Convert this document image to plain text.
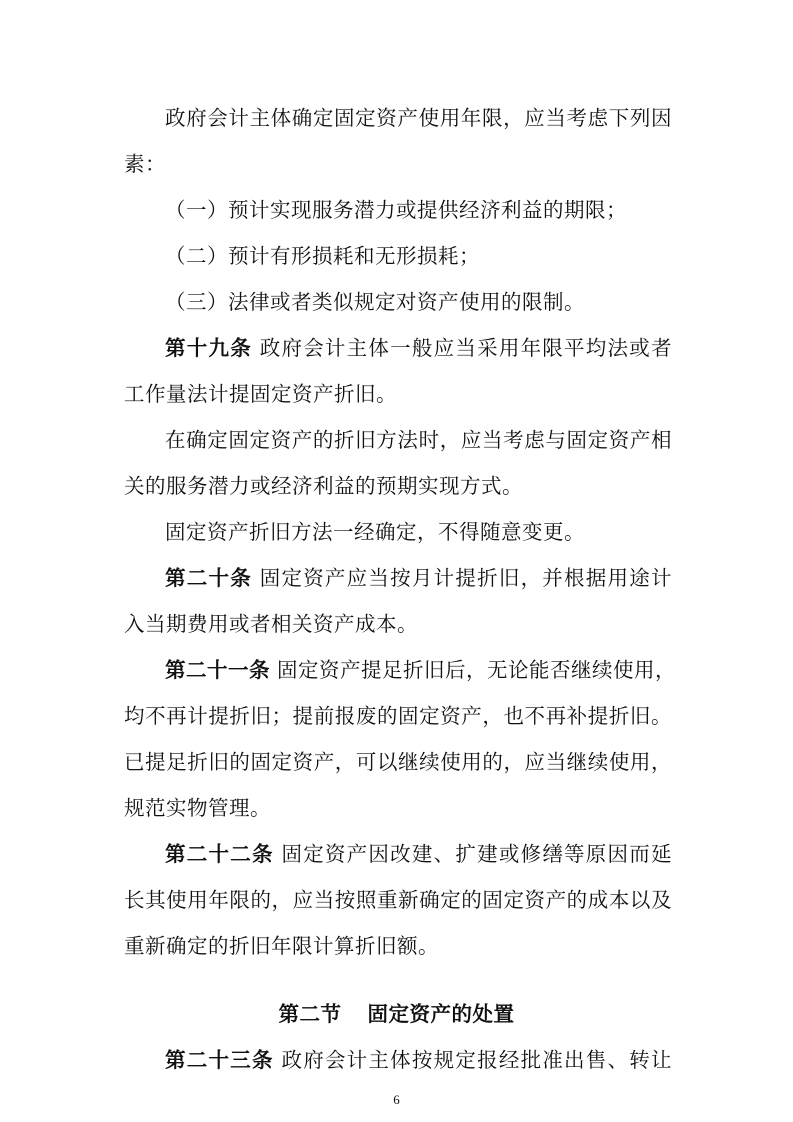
政府会计主体确定固定资产使用年限，应当考虑下列因
素：
（一）预计实现服务潜力或提供经济利益的期限；
（二）预计有形损耗和无形损耗；
（三）法律或者类似规定对资产使用的限制。
第十九条 政府会计主体一般应当采用年限平均法或者
工作量法计提固定资产折旧。
在确定固定资产的折旧方法时，应当考虑与固定资产相
关的服务潜力或经济利益的预期实现方式。
固定资产折旧方法一经确定，不得随意变更。
第二十条 固定资产应当按月计提折旧，并根据用途计
入当期费用或者相关资产成本。
第二十一条 固定资产提足折旧后，无论能否继续使用，
均不再计提折旧；提前报废的固定资产，也不再补提折旧。
已提足折旧的固定资产，可以继续使用的，应当继续使用，
规范实物管理。
第二十二条 固定资产因改建、扩建或修缮等原因而延
长其使用年限的，应当按照重新确定的固定资产的成本以及
重新确定的折旧年限计算折旧额。
第二节 固定资产的处置
第二十三条 政府会计主体按规定报经批准出售、转让
6
